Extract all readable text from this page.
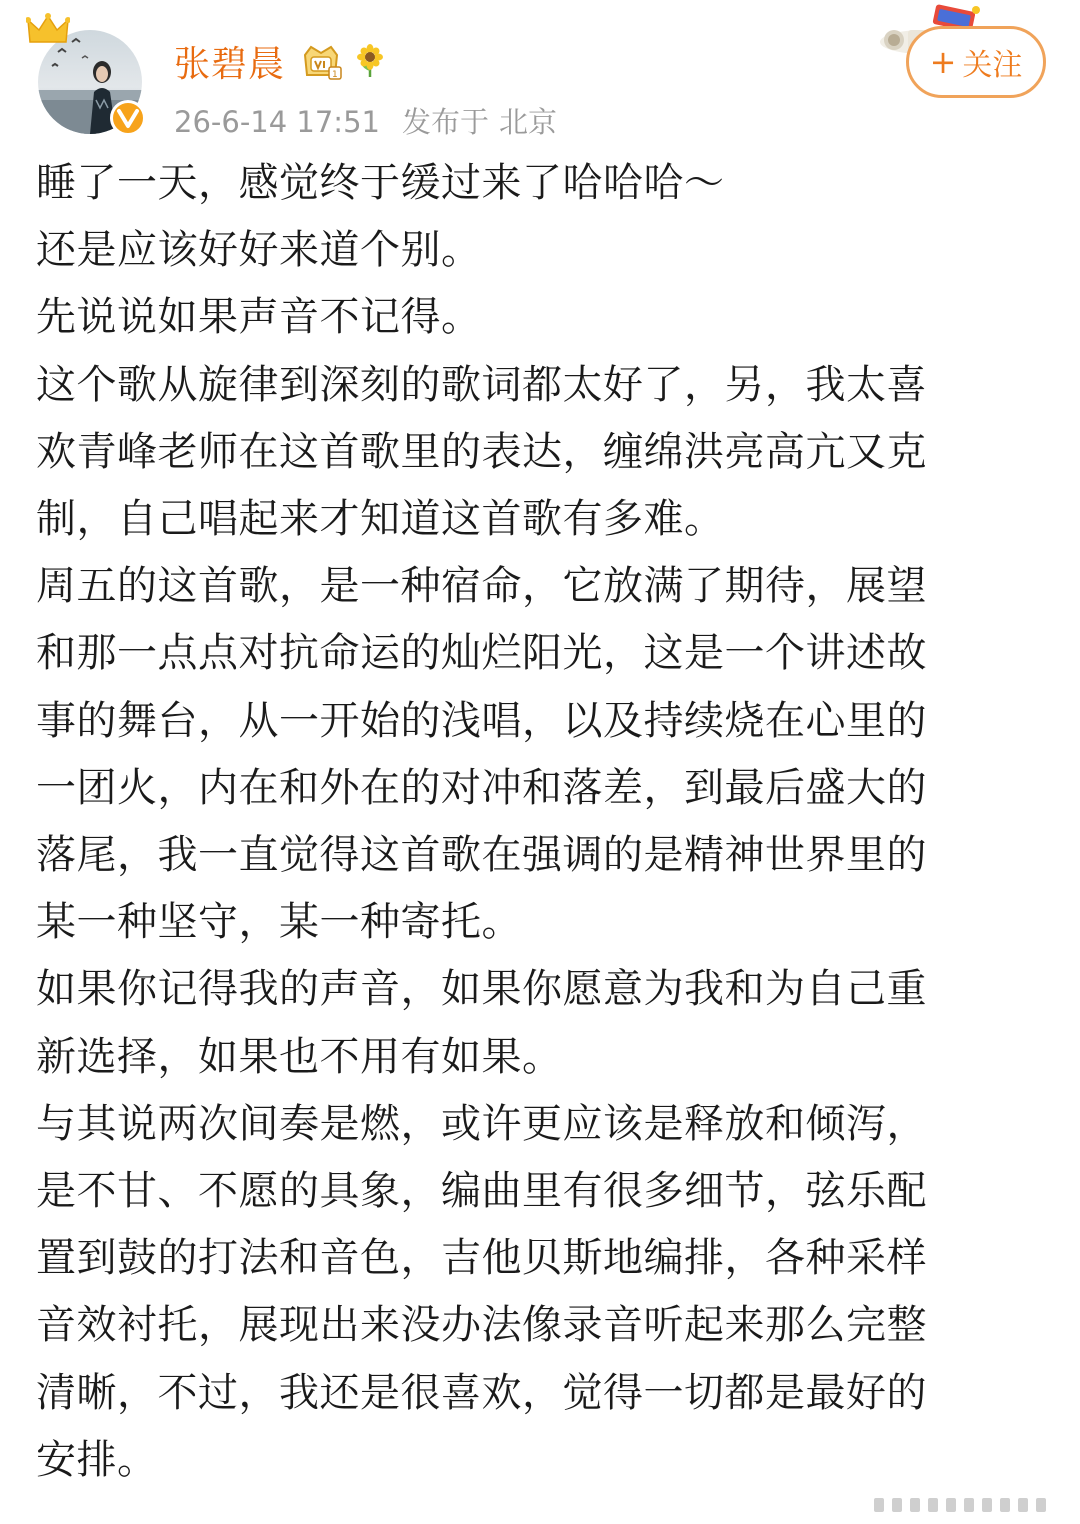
张碧晨	1
26-6-14 17:51 发布于 北京
+ 关注
睡了一天，感觉终于缓过来了哈哈哈～
还是应该好好来道个别。
先说说如果声音不记得。
这个歌从旋律到深刻的歌词都太好了，另，我太喜
欢青峰老师在这首歌里的表达，缠绵洪亮高亢又克
制，自己唱起来才知道这首歌有多难。
周五的这首歌，是一种宿命，它放满了期待，展望
和那一点点对抗命运的灿烂阳光，这是一个讲述故
事的舞台，从一开始的浅唱，以及持续烧在心里的
一团火，内在和外在的对冲和落差，到最后盛大的
落尾，我一直觉得这首歌在强调的是精神世界里的
某一种坚守，某一种寄托。
如果你记得我的声音，如果你愿意为我和为自己重
新选择，如果也不用有如果。
与其说两次间奏是燃，或许更应该是释放和倾泻，
是不甘、不愿的具象，编曲里有很多细节，弦乐配
置到鼓的打法和音色，吉他贝斯地编排，各种采样
音效衬托，展现出来没办法像录音听起来那么完整
清晰，不过，我还是很喜欢，觉得一切都是最好的
安排。
